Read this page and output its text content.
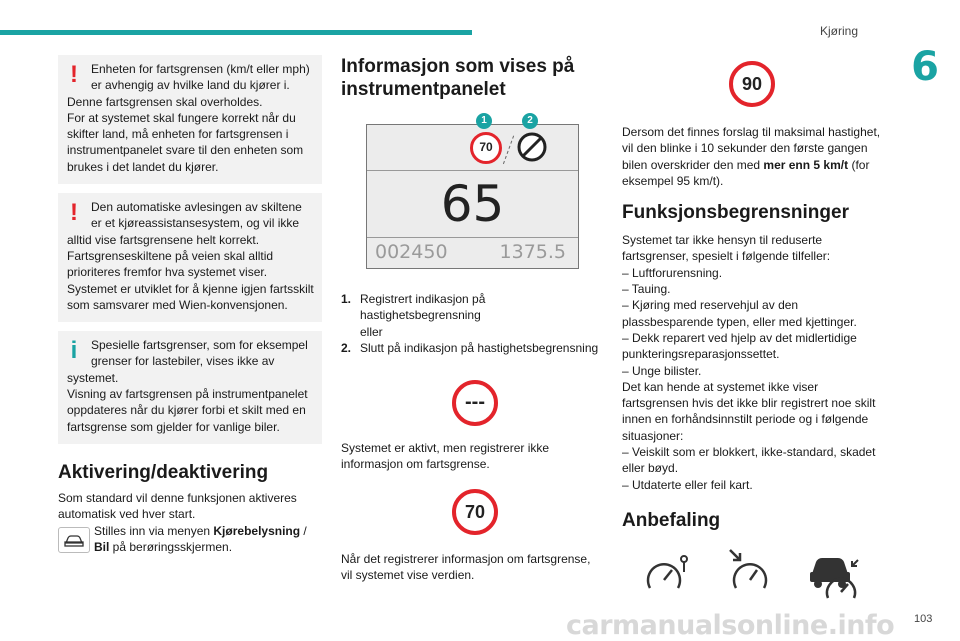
Kjøring
6
!	Enheten for fartsgrensen (km/t eller mph) er avhengig av hvilke land du kjører i.
Denne fartsgrensen skal overholdes.
For at systemet skal fungere korrekt når du skifter land, må enheten for fartsgrensen i instrumentpanelet svare til den enheten som brukes i det landet du kjører.
!	Den automatiske avlesingen av skiltene er et kjøreassistansesystem, og vil ikke
alltid vise fartsgrensene helt korrekt.
Fartsgrenseskiltene på veien skal alltid prioriteres fremfor hva systemet viser.
Systemet er utviklet for å kjenne igjen fartsskilt som samsvarer med Wien-konvensjonen.
i	Spesielle fartsgrenser, som for eksempel grenser for lastebiler, vises ikke av
systemet.
Visning av fartsgrensen på instrumentpanelet oppdateres når du kjører forbi et skilt med en fartsgrense som gjelder for vanlige biler.
Aktivering/deaktivering

Som standard vil denne funksjonen aktiveres automatisk ved hver start.

Stilles inn via menyen Kjørebelysning / Bil på berøringsskjermen.

Informasjon som vises på instrumentpanelet
70
1	2
65
002450	1375.5
1. Registrert indikasjon på hastighetsbegrensning
eller
2. Slutt på indikasjon på hastighetsbegrensning
---

Systemet er aktivt, men registrerer ikke informasjon om fartsgrense.

70

Når det registrerer informasjon om fartsgrense, vil systemet vise verdien.

90

Dersom det finnes forslag til maksimal hastighet, vil den blinke i 10 sekunder den første gangen bilen overskrider den med mer enn 5 km/t (for eksempel 95 km/t).

Funksjonsbegrensninger

Systemet tar ikke hensyn til reduserte fartsgrenser, spesielt i følgende tilfeller:

– Luftforurensning.

– Tauing.

– Kjøring med reservehjul av den plassbesparende typen, eller med kjettinger.

– Dekk reparert ved hjelp av det midlertidige punkteringsreparasjonssettet.

– Unge bilister.

Det kan hende at systemet ikke viser fartsgrensen hvis det ikke blir registrert noe skilt innen en forhåndsinnstilt periode og i følgende situasjoner:

– Veiskilt som er blokkert, ikke-standard, skadet eller bøyd.

– Utdaterte eller feil kart.

Anbefaling
carmanualsonline.info 103
